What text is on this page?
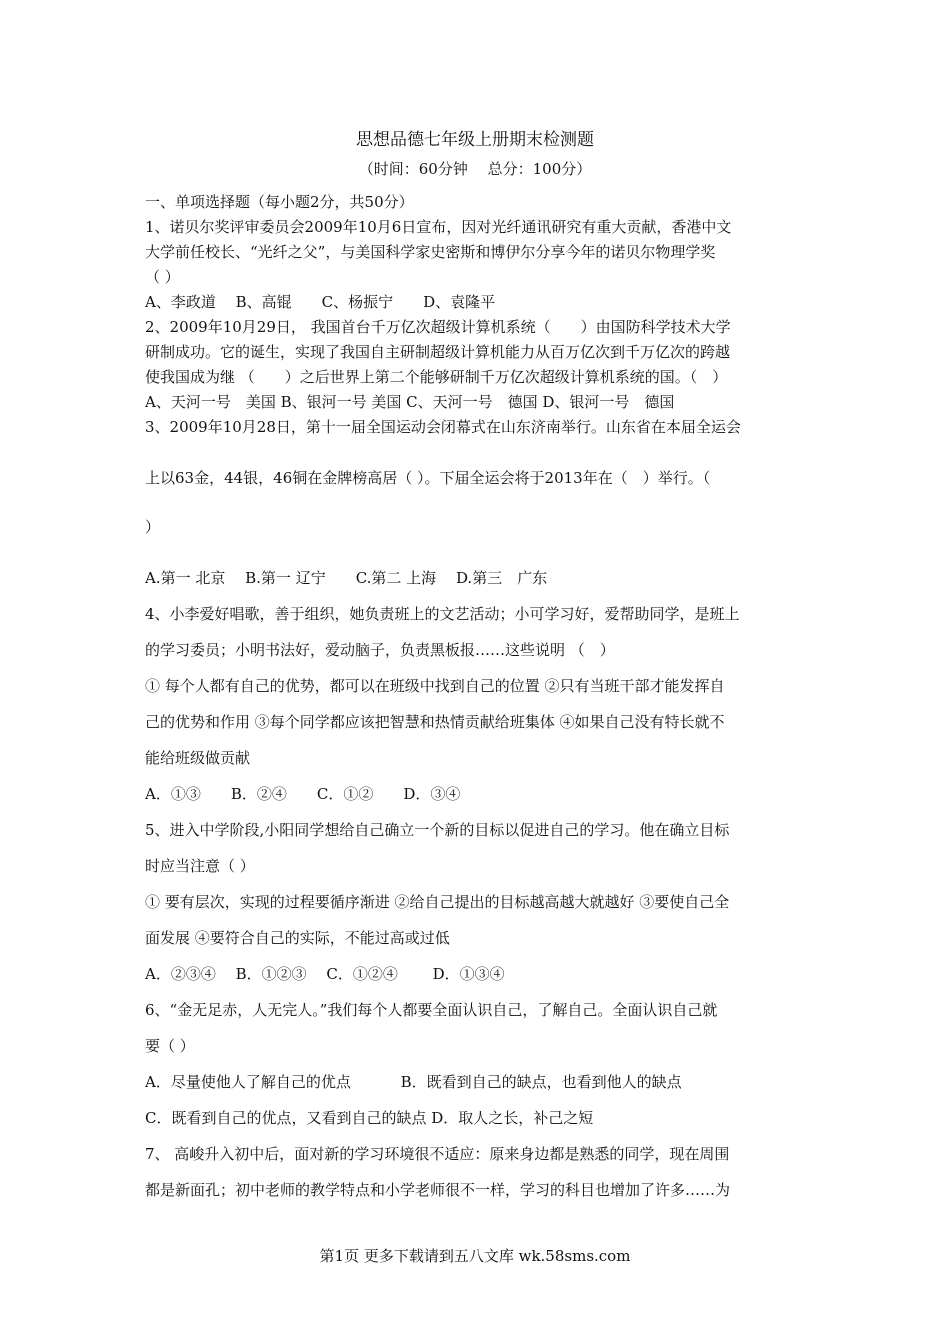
思想品德七年级上册期末检测题
（时间：60分钟　 总分：100分）
一、单项选择题（每小题2分，共50分）
1、诺贝尔奖评审委员会2009年10月6日宣布，因对光纤通讯研究有重大贡献，香港中文
大学前任校长、“光纤之父”，与美国科学家史密斯和博伊尔分享今年的诺贝尔物理学奖
（ ）
A、李政道　 B、高锟　　C、杨振宁　　D、袁隆平
2、2009年10月29日， 我国首台千万亿次超级计算机系统（　　）由国防科学技术大学
研制成功。它的诞生，实现了我国自主研制超级计算机能力从百万亿次到千万亿次的跨越
使我国成为继 （　　）之后世界上第二个能够研制千万亿次超级计算机系统的国。（　）
A、天河一号　美国 B、银河一号 美国 C、天河一号　德国 D、银河一号　德国
3、2009年10月28日，第十一届全国运动会闭幕式在山东济南举行。山东省在本届全运会
上以63金，44银，46铜在金牌榜高居（ ）。下届全运会将于2013年在（　）举行。（
）
A.第一 北京　 B.第一 辽宁　　C.第二 上海　 D.第三　广东
4、小李爱好唱歌，善于组织，她负责班上的文艺活动；小可学习好，爱帮助同学，是班上
的学习委员；小明书法好，爱动脑子，负责黑板报……这些说明 （　）
① 每个人都有自己的优势，都可以在班级中找到自己的位置 ②只有当班干部才能发挥自
己的优势和作用 ③每个同学都应该把智慧和热情贡献给班集体 ④如果自己没有特长就不
能给班级做贡献
A．①③　　B．②④　　C．①②　　D．③④
5、进入中学阶段,小阳同学想给自己确立一个新的目标以促进自己的学习。他在确立目标
时应当注意（ ）
① 要有层次，实现的过程要循序渐进 ②给自己提出的目标越高越大就越好 ③要使自己全
面发展 ④要符合自己的实际，不能过高或过低
A．②③④　 B．①②③　 C．①②④　　 D．①③④
6、“金无足赤，人无完人。”我们每个人都要全面认识自己，了解自己。全面认识自己就
要（ ）
A．尽量使他人了解自己的优点　　　 B．既看到自己的缺点，也看到他人的缺点
C．既看到自己的优点，又看到自己的缺点 D．取人之长，补己之短
7、 高峻升入初中后，面对新的学习环境很不适应：原来身边都是熟悉的同学，现在周围
都是新面孔；初中老师的教学特点和小学老师很不一样，学习的科目也增加了许多……为
第1页 更多下载请到五八文库 wk.58sms.com
